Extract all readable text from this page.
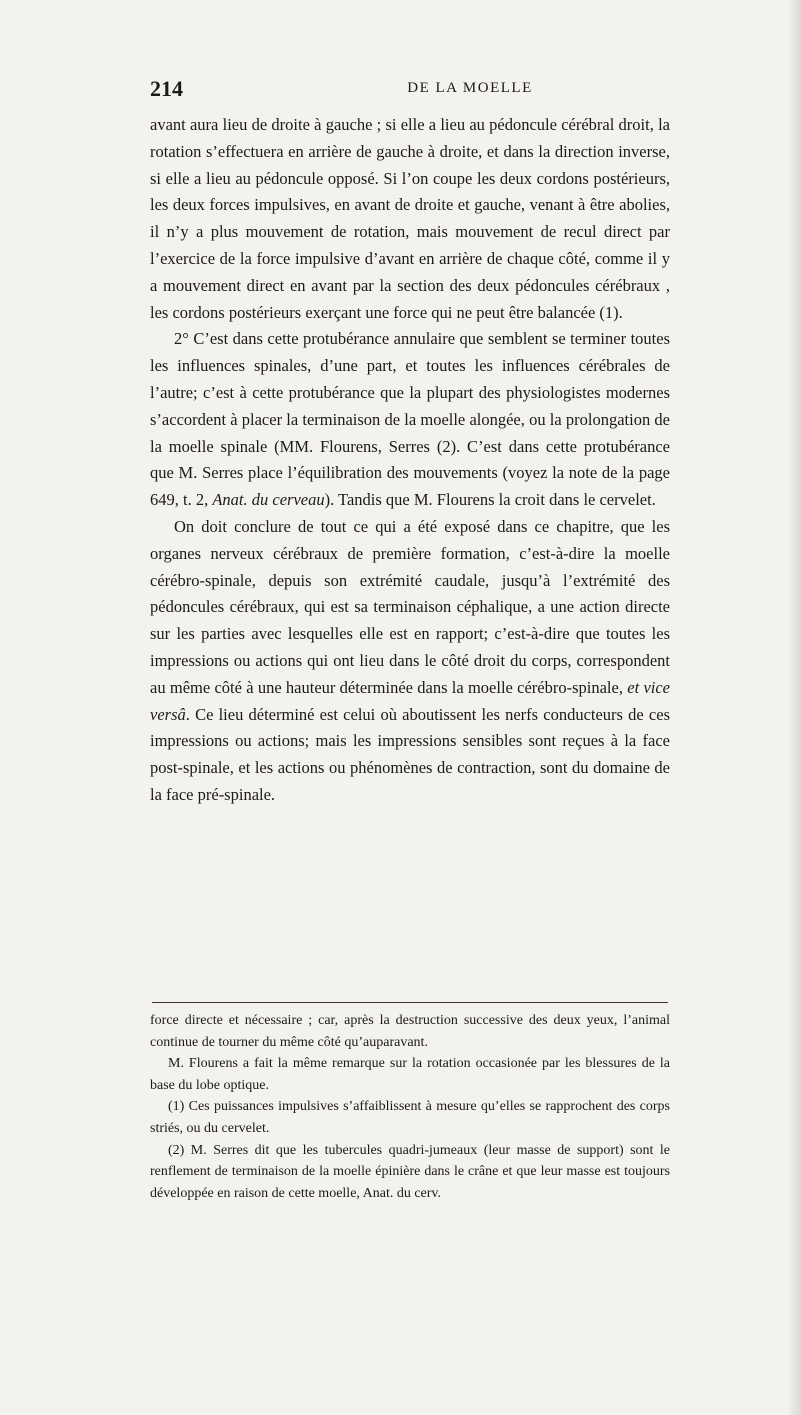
214	DE LA MOELLE

avant aura lieu de droite à gauche ; si elle a lieu au pédoncule cérébral droit, la rotation s’effectuera en arrière de gauche à droite, et dans la direction inverse, si elle a lieu au pédoncule opposé. Si l’on coupe les deux cordons postérieurs, les deux forces impulsives, en avant de droite et gauche, venant à être abolies, il n’y a plus mouvement de rotation, mais mouvement de recul direct par l’exercice de la force impulsive d’avant en arrière de chaque côté, comme il y a mouvement direct en avant par la section des deux pédoncules cérébraux , les cordons postérieurs exerçant une force qui ne peut être balancée (1).

2° C’est dans cette protubérance annulaire que semblent se terminer toutes les influences spinales, d’une part, et toutes les influences cérébrales de l’autre; c’est à cette protubérance que la plupart des physiologistes modernes s’accordent à placer la terminaison de la moelle alongée, ou la prolongation de la moelle spinale (MM. Flourens, Serres (2). C’est dans cette protubérance que M. Serres place l’équilibration des mouvements (voyez la note de la page 649, t. 2, Anat. du cerveau). Tandis que M. Flourens la croit dans le cervelet.

On doit conclure de tout ce qui a été exposé dans ce chapitre, que les organes nerveux cérébraux de première formation, c’est-à-dire la moelle cérébro-spinale, depuis son extrémité caudale, jusqu’à l’extrémité des pédoncules cérébraux, qui est sa terminaison céphalique, a une action directe sur les parties avec lesquelles elle est en rapport; c’est-à-dire que toutes les impressions ou actions qui ont lieu dans le côté droit du corps, correspondent au même côté à une hauteur déterminée dans la moelle cérébro-spinale, et vice versâ. Ce lieu déterminé est celui où aboutissent les nerfs conducteurs de ces impressions ou actions; mais les impressions sensibles sont reçues à la face post-spinale, et les actions ou phénomènes de contraction, sont du domaine de la face pré-spinale.

force directe et nécessaire ; car, après la destruction successive des deux yeux, l’animal continue de tourner du même côté qu’auparavant.

M. Flourens a fait la même remarque sur la rotation occasionée par les blessures de la base du lobe optique.

(1) Ces puissances impulsives s’affaiblissent à mesure qu’elles se rapprochent des corps striés, ou du cervelet.

(2) M. Serres dit que les tubercules quadri-jumeaux (leur masse de support) sont le renflement de terminaison de la moelle épinière dans le crâne et que leur masse est toujours développée en raison de cette moelle, Anat. du cerv.
